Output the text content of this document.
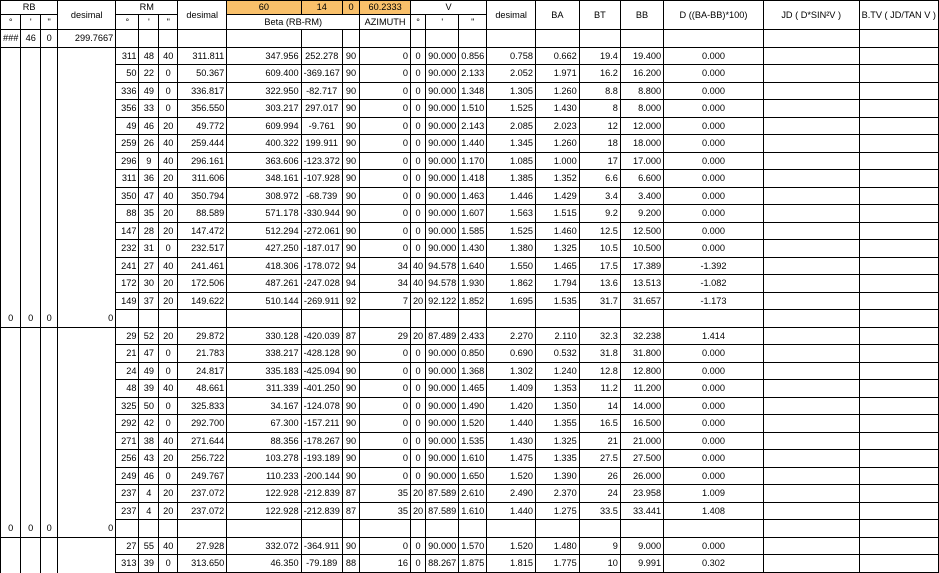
RB			desimal	RM			desimal	60	14	0	60.2333	V			desimal	BA	BT	BB	D ((BA-BB)*100)	JD ( D*SIN²V )	B.TV ( JD/TAN V )
°	'	"		°	'	"		Beta (RB-RM)			AZIMUTH	°	'	"							
###	46	0	299.7667																		
				311	48	40	311.811	347.956	252.278	90	0	0	90.000	0.856	0.758	0.662	19.4	19.400	0.000		
				50	22	0	50.367	609.400	-369.167	90	0	0	90.000	2.133	2.052	1.971	16.2	16.200	0.000		
				336	49	0	336.817	322.950	-82.717	90	0	0	90.000	1.348	1.305	1.260	8.8	8.800	0.000		
				356	33	0	356.550	303.217	297.017	90	0	0	90.000	1.510	1.525	1.430	8	8.000	0.000		
				49	46	20	49.772	609.994	-9.761	90	0	0	90.000	2.143	2.085	2.023	12	12.000	0.000		
				259	26	40	259.444	400.322	199.911	90	0	0	90.000	1.440	1.345	1.260	18	18.000	0.000		
				296	9	40	296.161	363.606	-123.372	90	0	0	90.000	1.170	1.085	1.000	17	17.000	0.000		
				311	36	20	311.606	348.161	-107.928	90	0	0	90.000	1.418	1.385	1.352	6.6	6.600	0.000		
				350	47	40	350.794	308.972	-68.739	90	0	0	90.000	1.463	1.446	1.429	3.4	3.400	0.000		
				88	35	20	88.589	571.178	-330.944	90	0	0	90.000	1.607	1.563	1.515	9.2	9.200	0.000		
				147	28	20	147.472	512.294	-272.061	90	0	0	90.000	1.585	1.525	1.460	12.5	12.500	0.000		
				232	31	0	232.517	427.250	-187.017	90	0	0	90.000	1.430	1.380	1.325	10.5	10.500	0.000		
				241	27	40	241.461	418.306	-178.072	94	34	40	94.578	1.640	1.550	1.465	17.5	17.389	-1.392		
				172	30	20	172.506	487.261	-247.028	94	34	40	94.578	1.930	1.862	1.794	13.6	13.513	-1.082		
				149	37	20	149.622	510.144	-269.911	92	7	20	92.122	1.852	1.695	1.535	31.7	31.657	-1.173		
0	0	0	0																		
				29	52	20	29.872	330.128	-420.039	87	29	20	87.489	2.433	2.270	2.110	32.3	32.238	1.414		
				21	47	0	21.783	338.217	-428.128	90	0	0	90.000	0.850	0.690	0.532	31.8	31.800	0.000		
				24	49	0	24.817	335.183	-425.094	90	0	0	90.000	1.368	1.302	1.240	12.8	12.800	0.000		
				48	39	40	48.661	311.339	-401.250	90	0	0	90.000	1.465	1.409	1.353	11.2	11.200	0.000		
				325	50	0	325.833	34.167	-124.078	90	0	0	90.000	1.490	1.420	1.350	14	14.000	0.000		
				292	42	0	292.700	67.300	-157.211	90	0	0	90.000	1.520	1.440	1.355	16.5	16.500	0.000		
				271	38	40	271.644	88.356	-178.267	90	0	0	90.000	1.535	1.430	1.325	21	21.000	0.000		
				256	43	20	256.722	103.278	-193.189	90	0	0	90.000	1.610	1.475	1.335	27.5	27.500	0.000		
				249	46	0	249.767	110.233	-200.144	90	0	0	90.000	1.650	1.520	1.390	26	26.000	0.000		
				237	4	20	237.072	122.928	-212.839	87	35	20	87.589	2.610	2.490	2.370	24	23.958	1.009		
				237	4	20	237.072	122.928	-212.839	87	35	20	87.589	1.610	1.440	1.275	33.5	33.441	1.408		
0	0	0	0																		
				27	55	40	27.928	332.072	-364.911	90	0	0	90.000	1.570	1.520	1.480	9	9.000	0.000		
				313	39	0	313.650	46.350	-79.189	88	16	0	88.267	1.875	1.815	1.775	10	9.991	0.302		
